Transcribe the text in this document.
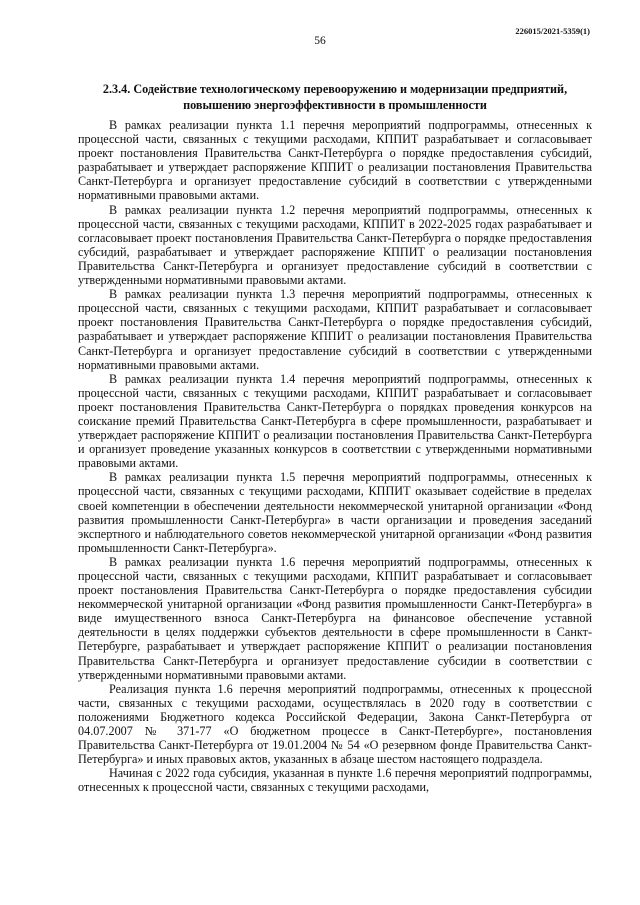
226015/2021-5359(1)
56
2.3.4. Содействие технологическому перевооружению и модернизации предприятий, повышению энергоэффективности в промышленности

В рамках реализации пункта 1.1 перечня мероприятий подпрограммы, отнесенных к процессной части, связанных с текущими расходами, КППИТ разрабатывает и согласовывает проект постановления Правительства Санкт-Петербурга о порядке предоставления субсидий, разрабатывает и утверждает распоряжение КППИТ о реализации постановления Правительства Санкт-Петербурга и организует предоставление субсидий в соответствии с утвержденными нормативными правовыми актами.

В рамках реализации пункта 1.2 перечня мероприятий подпрограммы, отнесенных к процессной части, связанных с текущими расходами, КППИТ в 2022-2025 годах разрабатывает и согласовывает проект постановления Правительства Санкт-Петербурга о порядке предоставления субсидий, разрабатывает и утверждает распоряжение КППИТ о реализации постановления Правительства Санкт-Петербурга и организует предоставление субсидий в соответствии с утвержденными нормативными правовыми актами.

В рамках реализации пункта 1.3 перечня мероприятий подпрограммы, отнесенных к процессной части, связанных с текущими расходами, КППИТ разрабатывает и согласовывает проект постановления Правительства Санкт-Петербурга о порядке предоставления субсидий, разрабатывает и утверждает распоряжение КППИТ о реализации постановления Правительства Санкт-Петербурга и организует предоставление субсидий в соответствии с утвержденными нормативными правовыми актами.

В рамках реализации пункта 1.4 перечня мероприятий подпрограммы, отнесенных к процессной части, связанных с текущими расходами, КППИТ разрабатывает и согласовывает проект постановления Правительства Санкт-Петербурга о порядках проведения конкурсов на соискание премий Правительства Санкт-Петербурга в сфере промышленности, разрабатывает и утверждает распоряжение КППИТ о реализации постановления Правительства Санкт-Петербурга и организует проведение указанных конкурсов в соответствии с утвержденными нормативными правовыми актами.

В рамках реализации пункта 1.5 перечня мероприятий подпрограммы, отнесенных к процессной части, связанных с текущими расходами, КППИТ оказывает содействие в пределах своей компетенции в обеспечении деятельности некоммерческой унитарной организации «Фонд развития промышленности Санкт-Петербурга» в части организации и проведения заседаний экспертного и наблюдательного советов некоммерческой унитарной организации «Фонд развития промышленности Санкт-Петербурга».

В рамках реализации пункта 1.6 перечня мероприятий подпрограммы, отнесенных к процессной части, связанных с текущими расходами, КППИТ разрабатывает и согласовывает проект постановления Правительства Санкт-Петербурга о порядке предоставления субсидии некоммерческой унитарной организации «Фонд развития промышленности Санкт-Петербурга» в виде имущественного взноса Санкт-Петербурга на финансовое обеспечение уставной деятельности в целях поддержки субъектов деятельности в сфере промышленности в Санкт-Петербурге, разрабатывает и утверждает распоряжение КППИТ о реализации постановления Правительства Санкт-Петербурга и организует предоставление субсидии в соответствии с утвержденными нормативными правовыми актами.

Реализация пункта 1.6 перечня мероприятий подпрограммы, отнесенных к процессной части, связанных с текущими расходами, осуществлялась в 2020 году в соответствии с положениями Бюджетного кодекса Российской Федерации, Закона Санкт-Петербурга от 04.07.2007 № 371-77 «О бюджетном процессе в Санкт-Петербурге», постановления Правительства Санкт-Петербурга от 19.01.2004 № 54 «О резервном фонде Правительства Санкт-Петербурга» и иных правовых актов, указанных в абзаце шестом настоящего подраздела.

Начиная с 2022 года субсидия, указанная в пункте 1.6 перечня мероприятий подпрограммы, отнесенных к процессной части, связанных с текущими расходами,
